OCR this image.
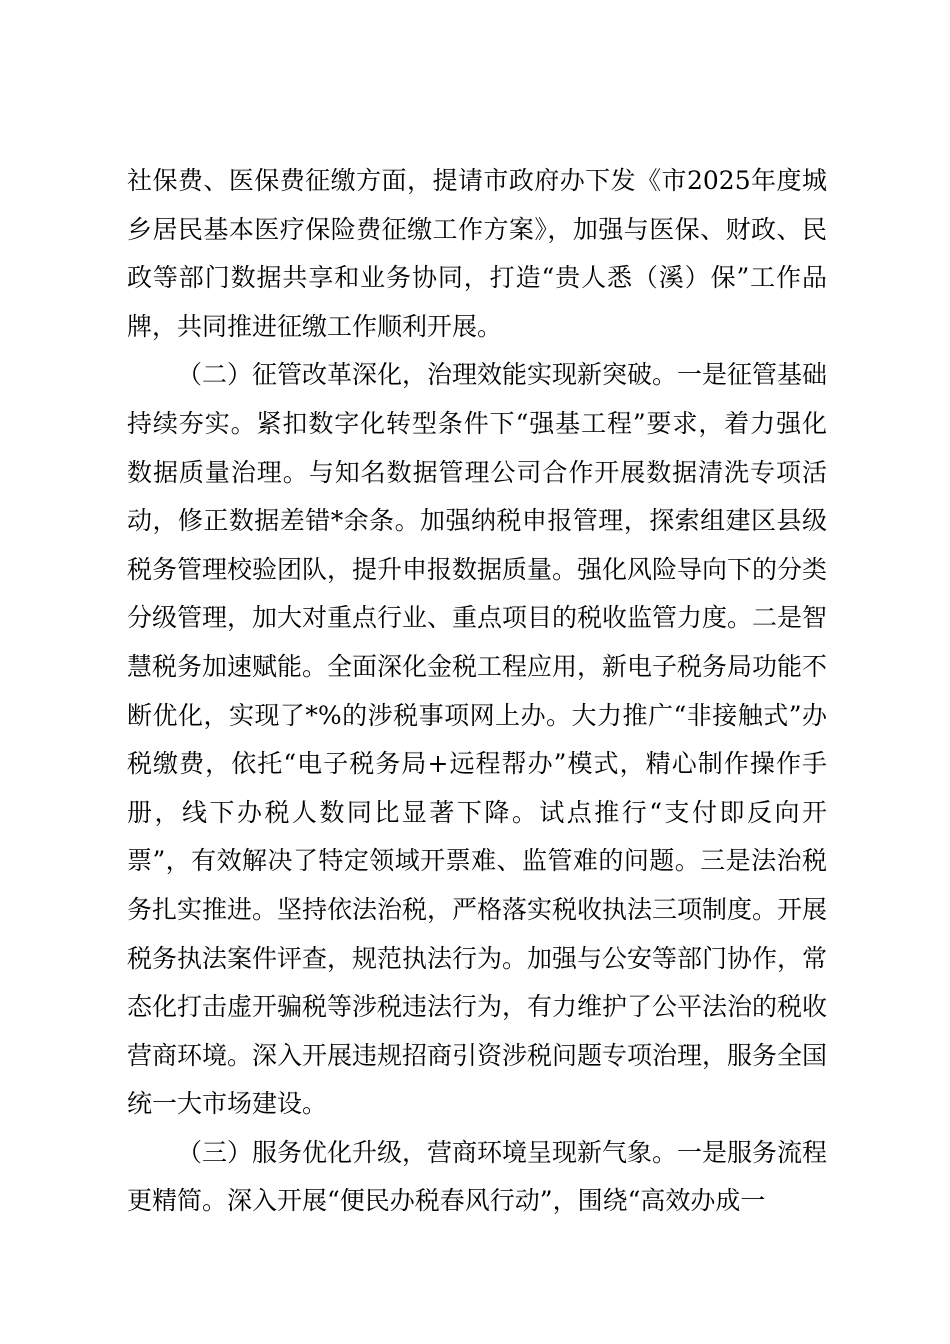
社保费、医保费征缴方面，提请市政府办下发《市2025年度城乡居民基本医疗保险费征缴工作方案》，加强与医保、财政、民政等部门数据共享和业务协同，打造“贵人悉（溪）保”工作品牌，共同推进征缴工作顺利开展。

（二）征管改革深化，治理效能实现新突破。一是征管基础持续夯实。紧扣数字化转型条件下“强基工程”要求，着力强化数据质量治理。与知名数据管理公司合作开展数据清洗专项活动，修正数据差错*余条。加强纳税申报管理，探索组建区县级税务管理校验团队，提升申报数据质量。强化风险导向下的分类分级管理，加大对重点行业、重点项目的税收监管力度。二是智慧税务加速赋能。全面深化金税工程应用，新电子税务局功能不断优化，实现了*%的涉税事项网上办。大力推广“非接触式”办税缴费，依托“电子税务局+远程帮办”模式，精心制作操作手册，线下办税人数同比显著下降。试点推行“支付即反向开票”，有效解决了特定领域开票难、监管难的问题。三是法治税务扎实推进。坚持依法治税，严格落实税收执法三项制度。开展税务执法案件评查，规范执法行为。加强与公安等部门协作，常态化打击虚开骗税等涉税违法行为，有力维护了公平法治的税收营商环境。深入开展违规招商引资涉税问题专项治理，服务全国统一大市场建设。

（三）服务优化升级，营商环境呈现新气象。一是服务流程更精简。深入开展“便民办税春风行动”，围绕“高效办成一
